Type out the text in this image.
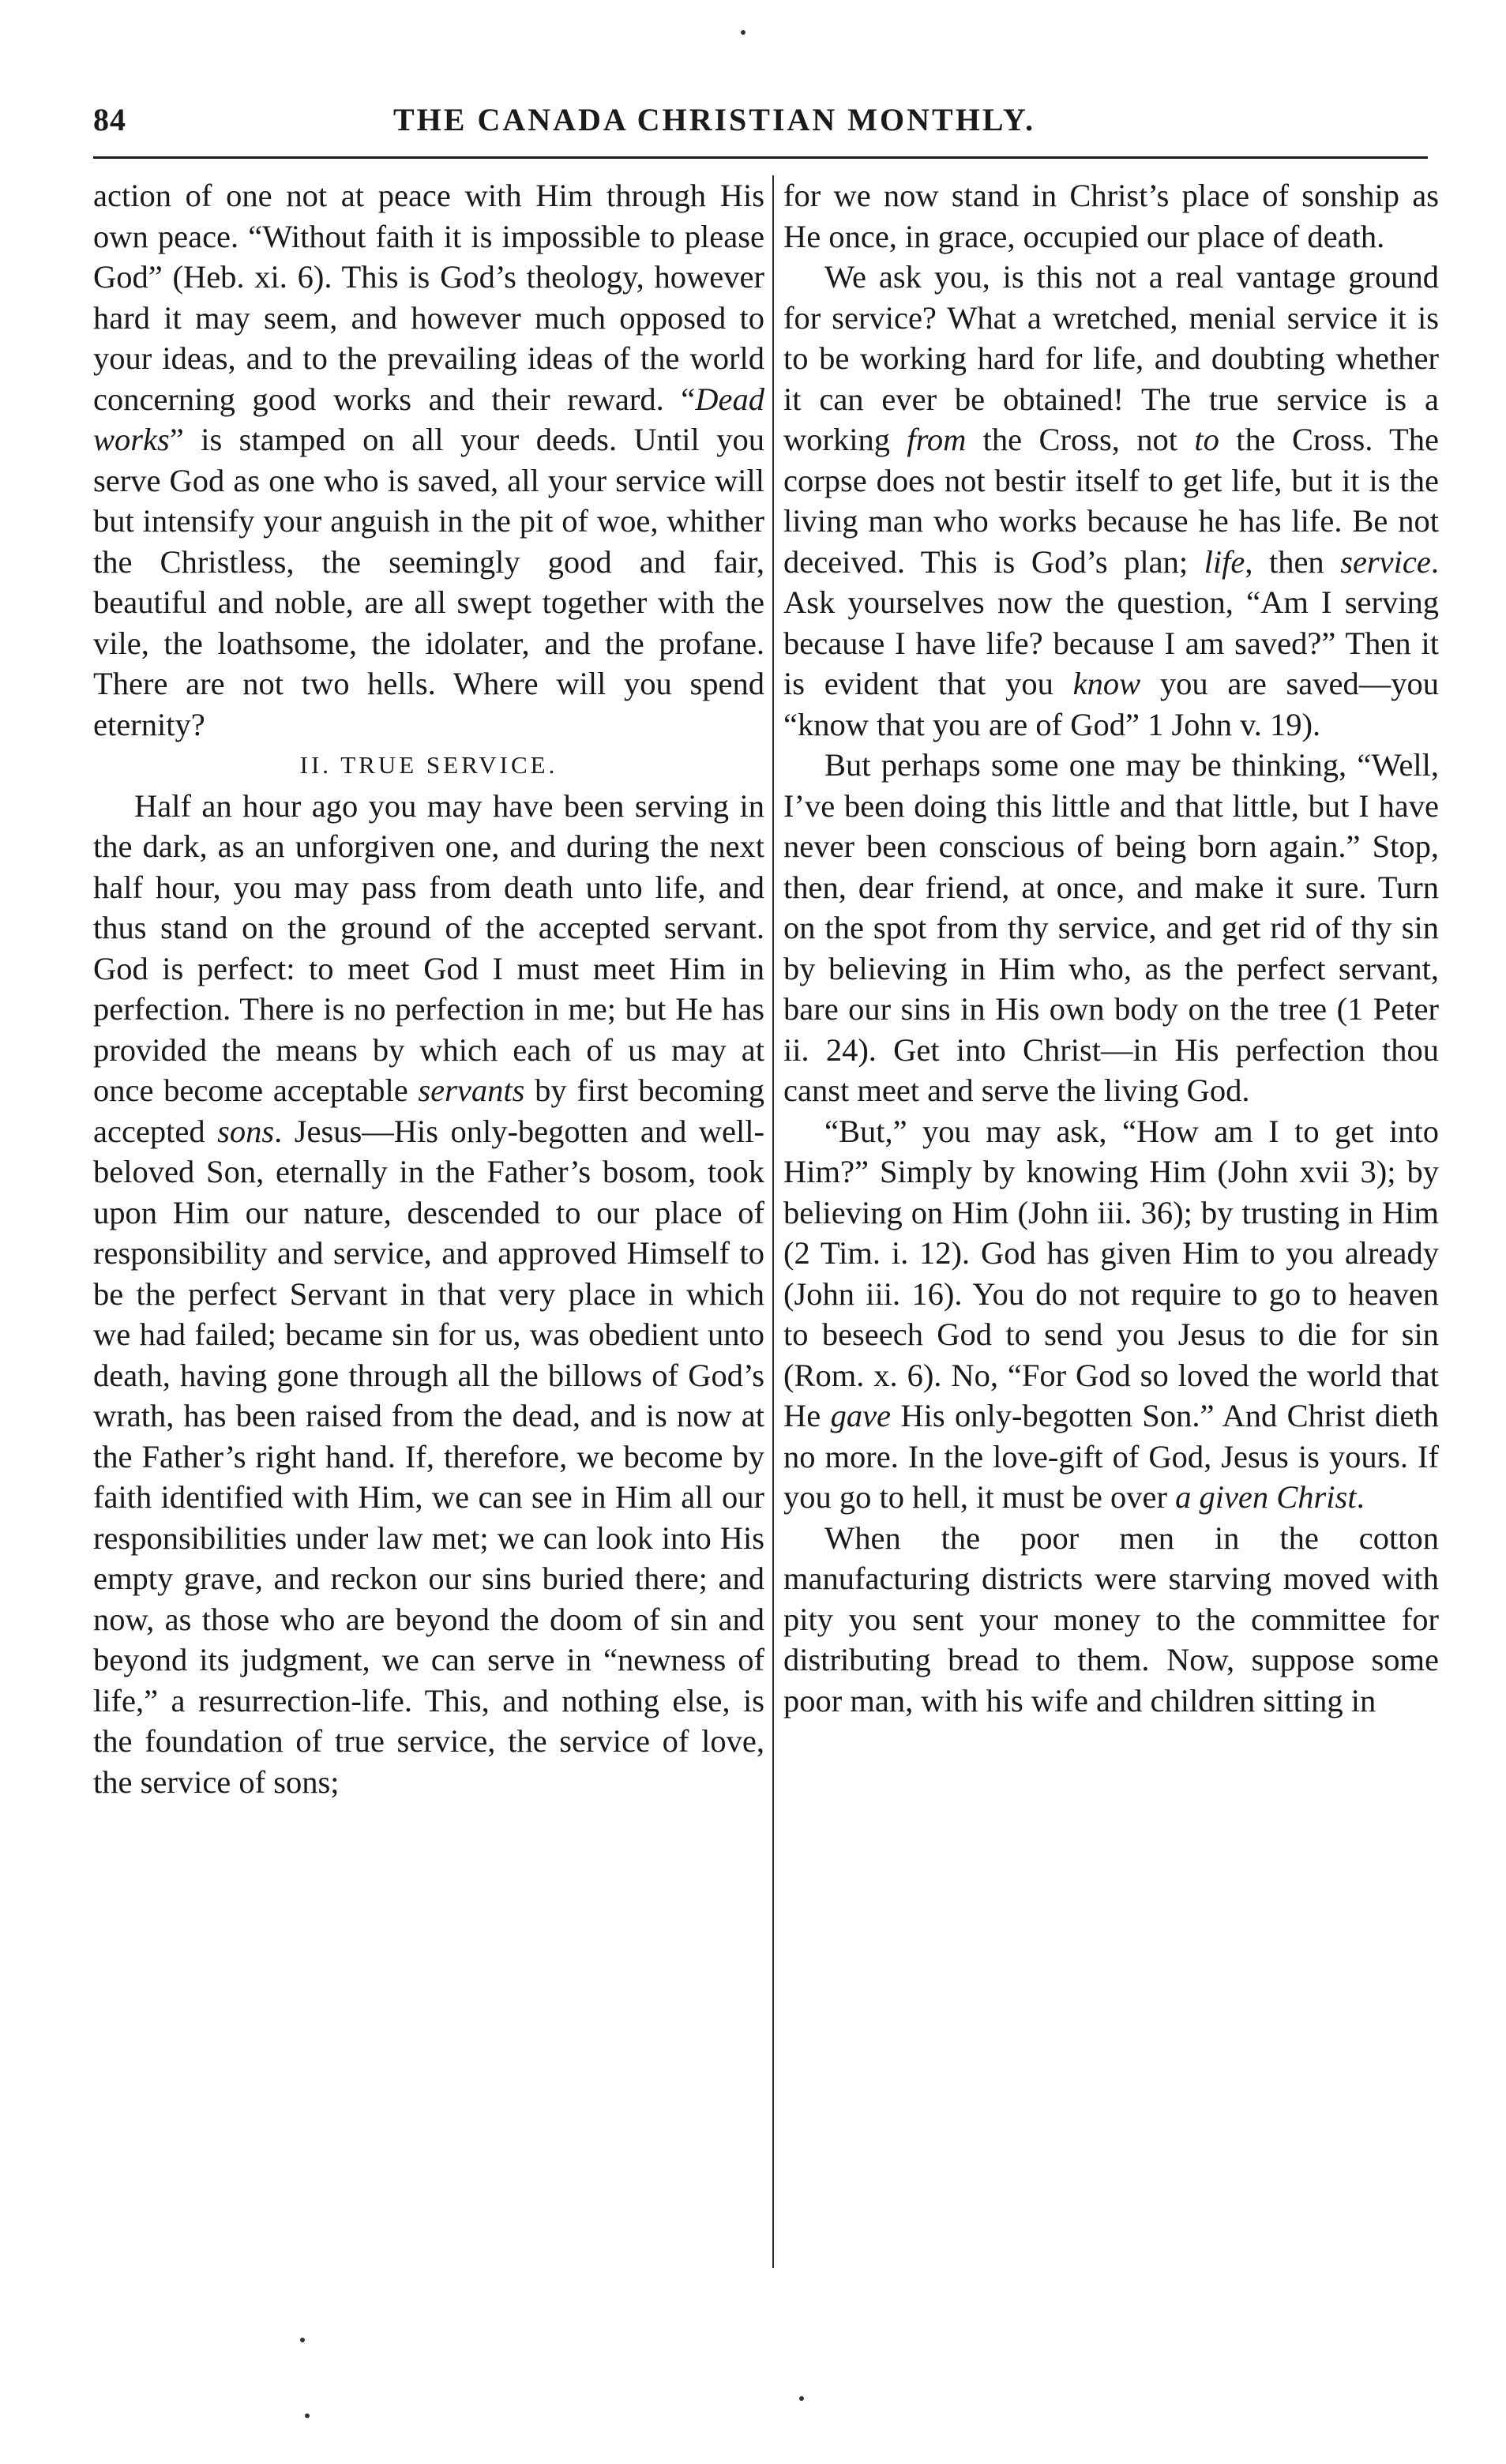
84	THE CANADA CHRISTIAN MONTHLY.

action of one not at peace with Him through His own peace. “Without faith it is impossible to please God” (Heb. xi. 6). This is God’s theology, however hard it may seem, and however much opposed to your ideas, and to the prevailing ideas of the world concerning good works and their reward. “Dead works” is stamped on all your deeds. Until you serve God as one who is saved, all your service will but intensify your anguish in the pit of woe, whither the Christless, the seemingly good and fair, beautiful and noble, are all swept together with the vile, the loathsome, the idolater, and the profane. There are not two hells. Where will you spend eternity?

II. TRUE SERVICE.

Half an hour ago you may have been serving in the dark, as an unforgiven one, and during the next half hour, you may pass from death unto life, and thus stand on the ground of the accepted servant. God is perfect: to meet God I must meet Him in perfection. There is no perfection in me; but He has provided the means by which each of us may at once become acceptable servants by first becoming accepted sons. Jesus—His only-begotten and well-beloved Son, eternally in the Father’s bosom, took upon Him our nature, descended to our place of responsibility and service, and approved Himself to be the perfect Servant in that very place in which we had failed; became sin for us, was obedient unto death, having gone through all the billows of God’s wrath, has been raised from the dead, and is now at the Father’s right hand. If, therefore, we become by faith identified with Him, we can see in Him all our responsibilities under law met; we can look into His empty grave, and reckon our sins buried there; and now, as those who are beyond the doom of sin and beyond its judgment, we can serve in “newness of life,” a resurrection-life. This, and nothing else, is the foundation of true service, the service of love, the service of sons;

for we now stand in Christ’s place of sonship as He once, in grace, occupied our place of death.

We ask you, is this not a real vantage ground for service? What a wretched, menial service it is to be working hard for life, and doubting whether it can ever be obtained! The true service is a working from the Cross, not to the Cross. The corpse does not bestir itself to get life, but it is the living man who works because he has life. Be not deceived. This is God’s plan; life, then service. Ask yourselves now the question, “Am I serving because I have life? because I am saved?” Then it is evident that you know you are saved—you “know that you are of God” 1 John v. 19).

But perhaps some one may be thinking, “Well, I’ve been doing this little and that little, but I have never been conscious of being born again.” Stop, then, dear friend, at once, and make it sure. Turn on the spot from thy service, and get rid of thy sin by believing in Him who, as the perfect servant, bare our sins in His own body on the tree (1 Peter ii. 24). Get into Christ—in His perfection thou canst meet and serve the living God.

“But,” you may ask, “How am I to get into Him?” Simply by knowing Him (John xvii 3); by believing on Him (John iii. 36); by trusting in Him (2 Tim. i. 12). God has given Him to you already (John iii. 16). You do not require to go to heaven to beseech God to send you Jesus to die for sin (Rom. x. 6). No, “For God so loved the world that He gave His only-begotten Son.” And Christ dieth no more. In the love-gift of God, Jesus is yours. If you go to hell, it must be over a given Christ.

When the poor men in the cotton manufacturing districts were starving moved with pity you sent your money to the committee for distributing bread to them. Now, suppose some poor man, with his wife and children sitting in
